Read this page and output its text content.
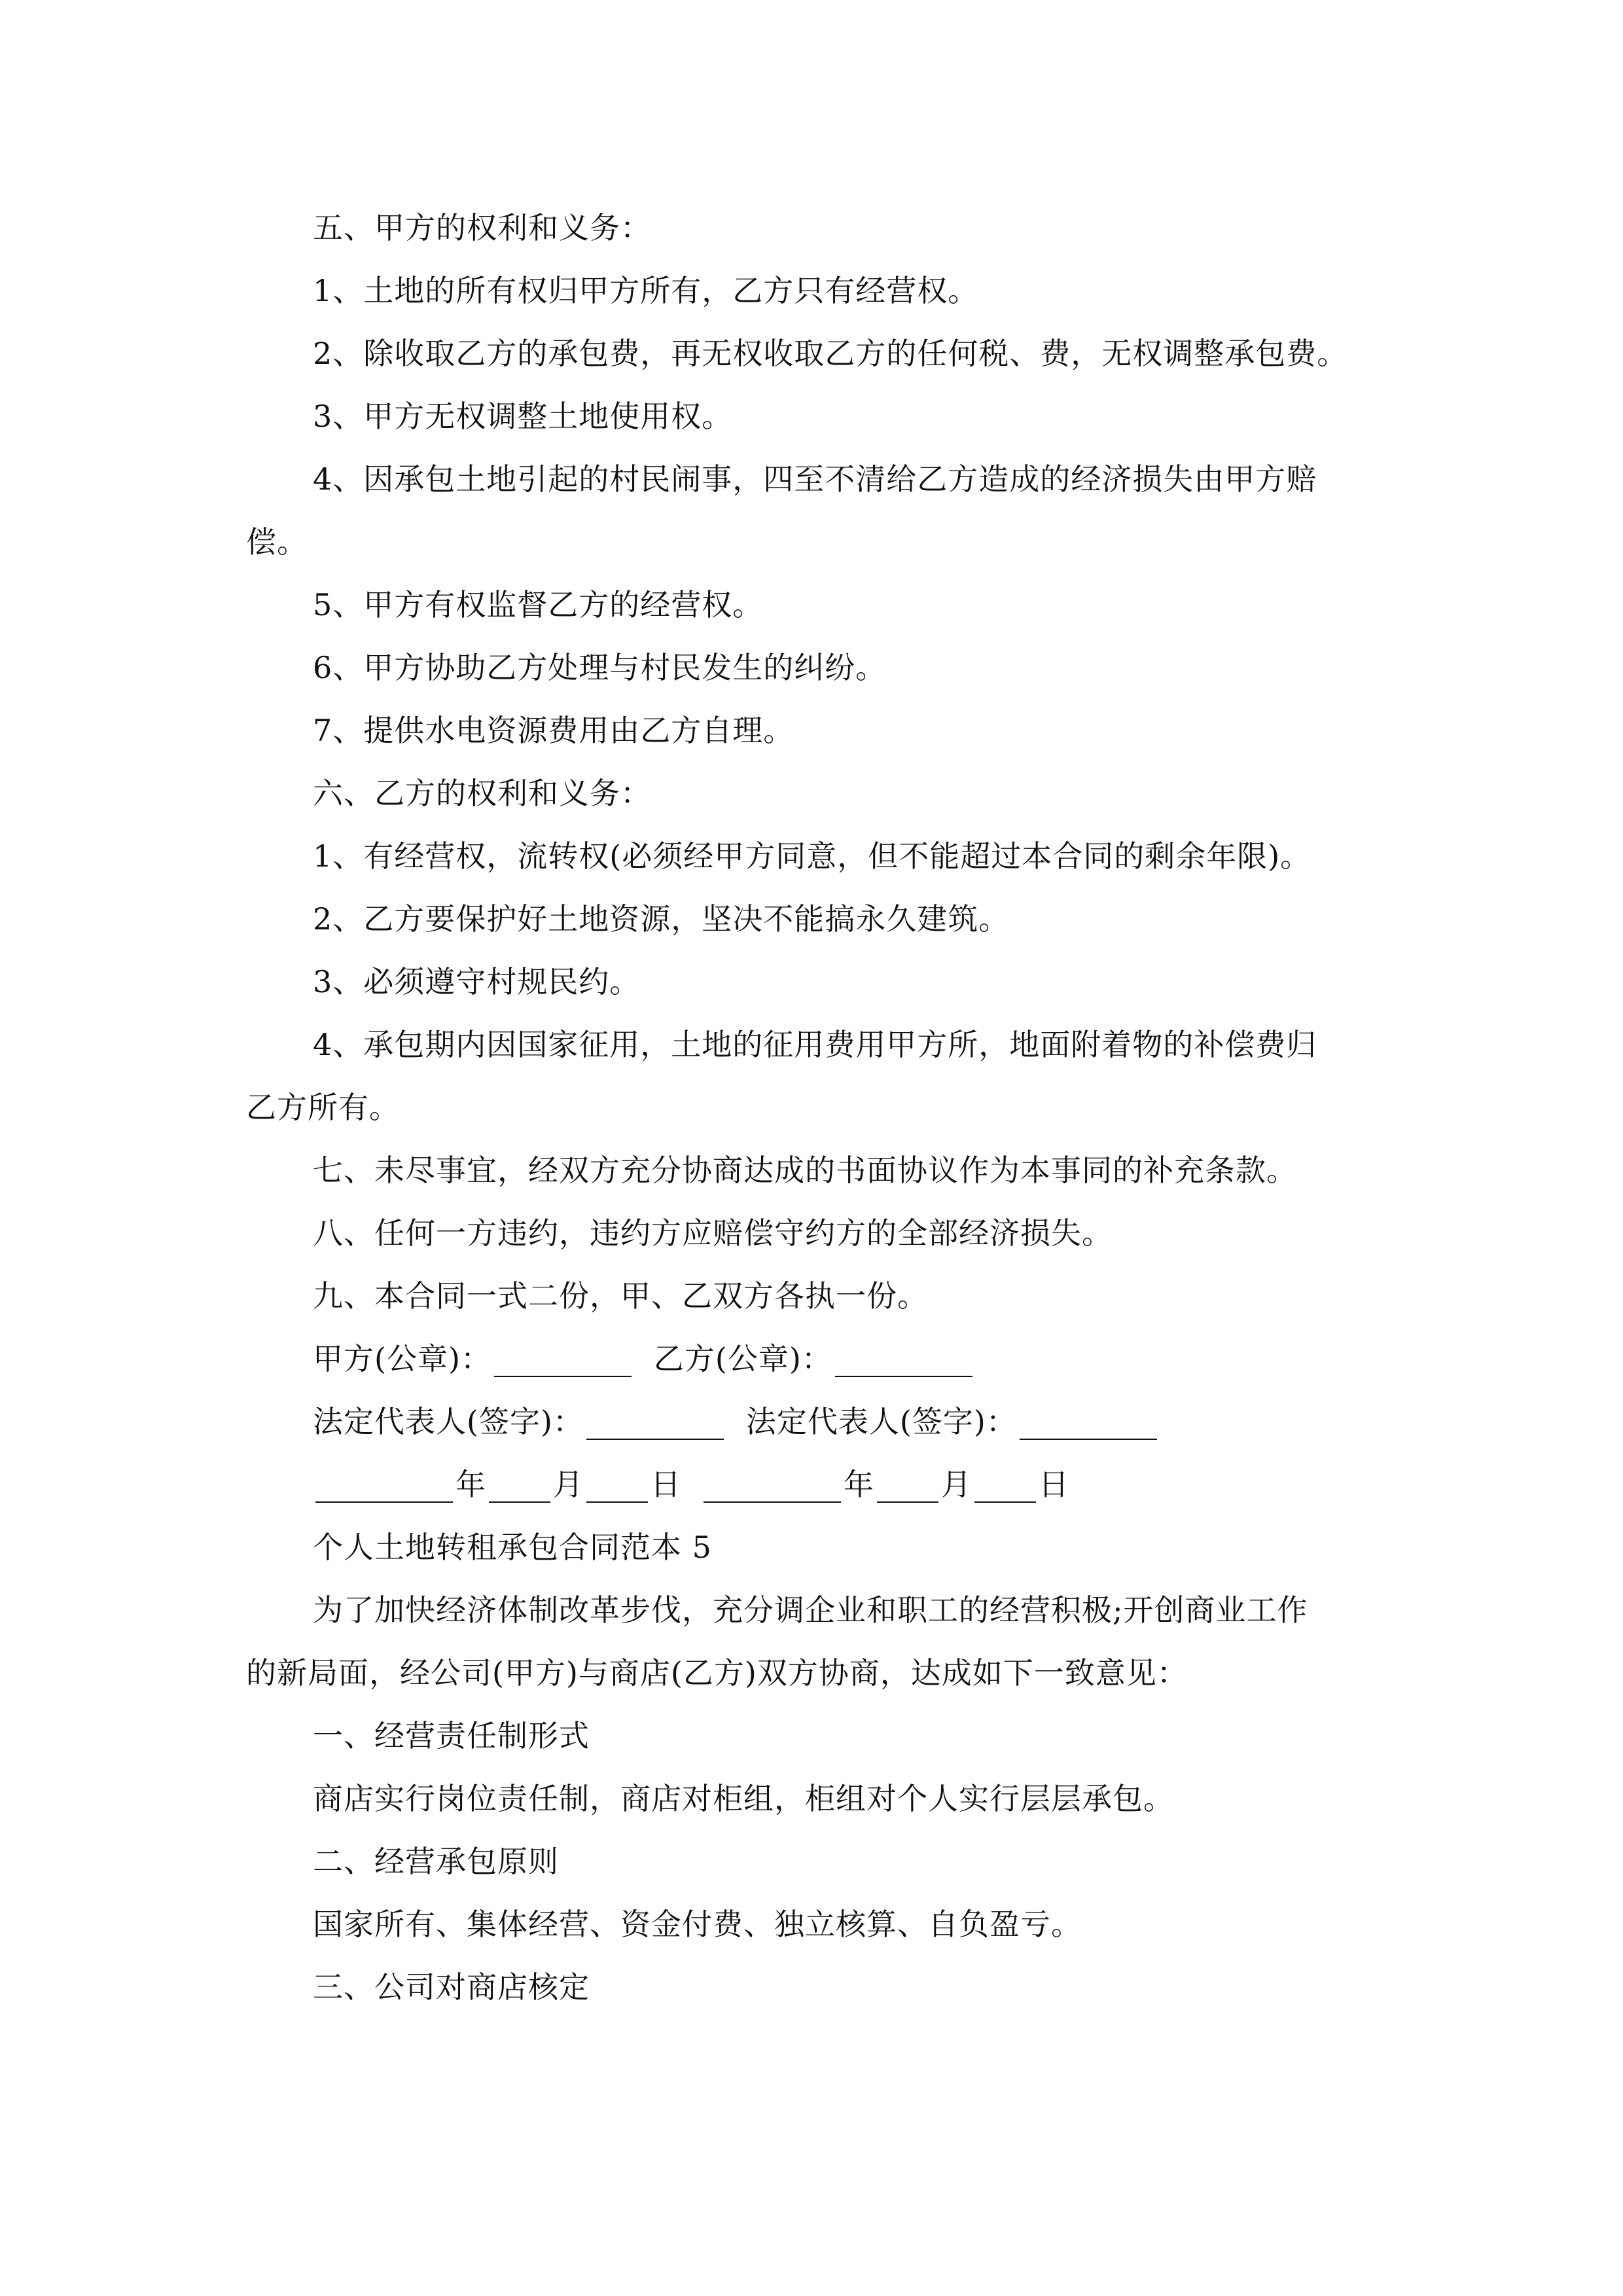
五、甲方的权利和义务：
1、土地的所有权归甲方所有，乙方只有经营权。
2、除收取乙方的承包费，再无权收取乙方的任何税、费，无权调整承包费。
3、甲方无权调整土地使用权。
4、因承包土地引起的村民闹事，四至不清给乙方造成的经济损失由甲方赔
偿。
5、甲方有权监督乙方的经营权。
6、甲方协助乙方处理与村民发生的纠纷。
7、提供水电资源费用由乙方自理。
六、乙方的权利和义务：
1、有经营权，流转权(必须经甲方同意，但不能超过本合同的剩余年限)。
2、乙方要保护好土地资源，坚决不能搞永久建筑。
3、必须遵守村规民约。
4、承包期内因国家征用，土地的征用费用甲方所，地面附着物的补偿费归
乙方所有。
七、未尽事宜，经双方充分协商达成的书面协议作为本事同的补充条款。
八、任何一方违约，违约方应赔偿守约方的全部经济损失。
九、本合同一式二份，甲、乙双方各执一份。
甲方(公章)：	乙方(公章)：
法定代表人(签字)：	法定代表人(签字)：
年 月 日	年 月 日
个人土地转租承包合同范本 5
为了加快经济体制改革步伐，充分调企业和职工的经营积极;开创商业工作
的新局面，经公司(甲方)与商店(乙方)双方协商，达成如下一致意见：
一、经营责任制形式
商店实行岗位责任制，商店对柜组，柜组对个人实行层层承包。
二、经营承包原则
国家所有、集体经营、资金付费、独立核算、自负盈亏。
三、公司对商店核定
